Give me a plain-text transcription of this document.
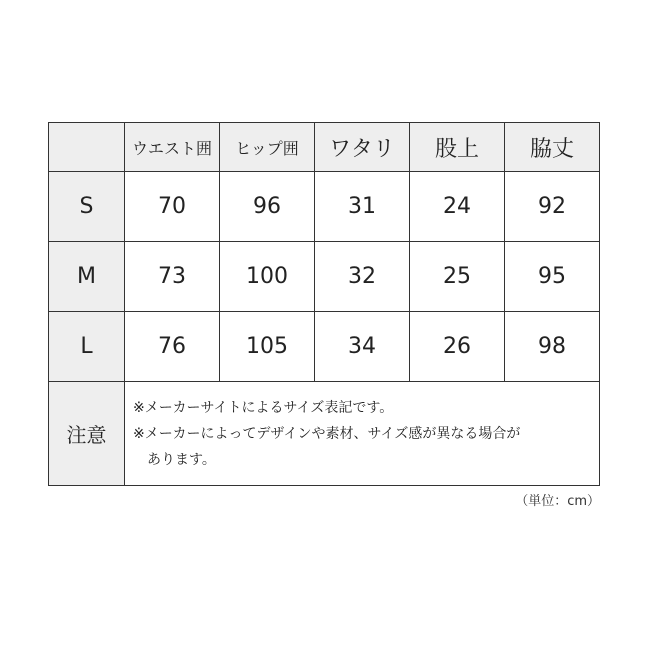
	ウエスト囲	ヒップ囲	ワタリ	股上	脇丈
S	70	96	31	24	92
M	73	100	32	25	95
L	76	105	34	26	98
注意	※メーカーサイトによるサイズ表記です。
※メーカーによってデザインや素材、サイズ感が異なる場合が
あります。				
（単位：cm）
